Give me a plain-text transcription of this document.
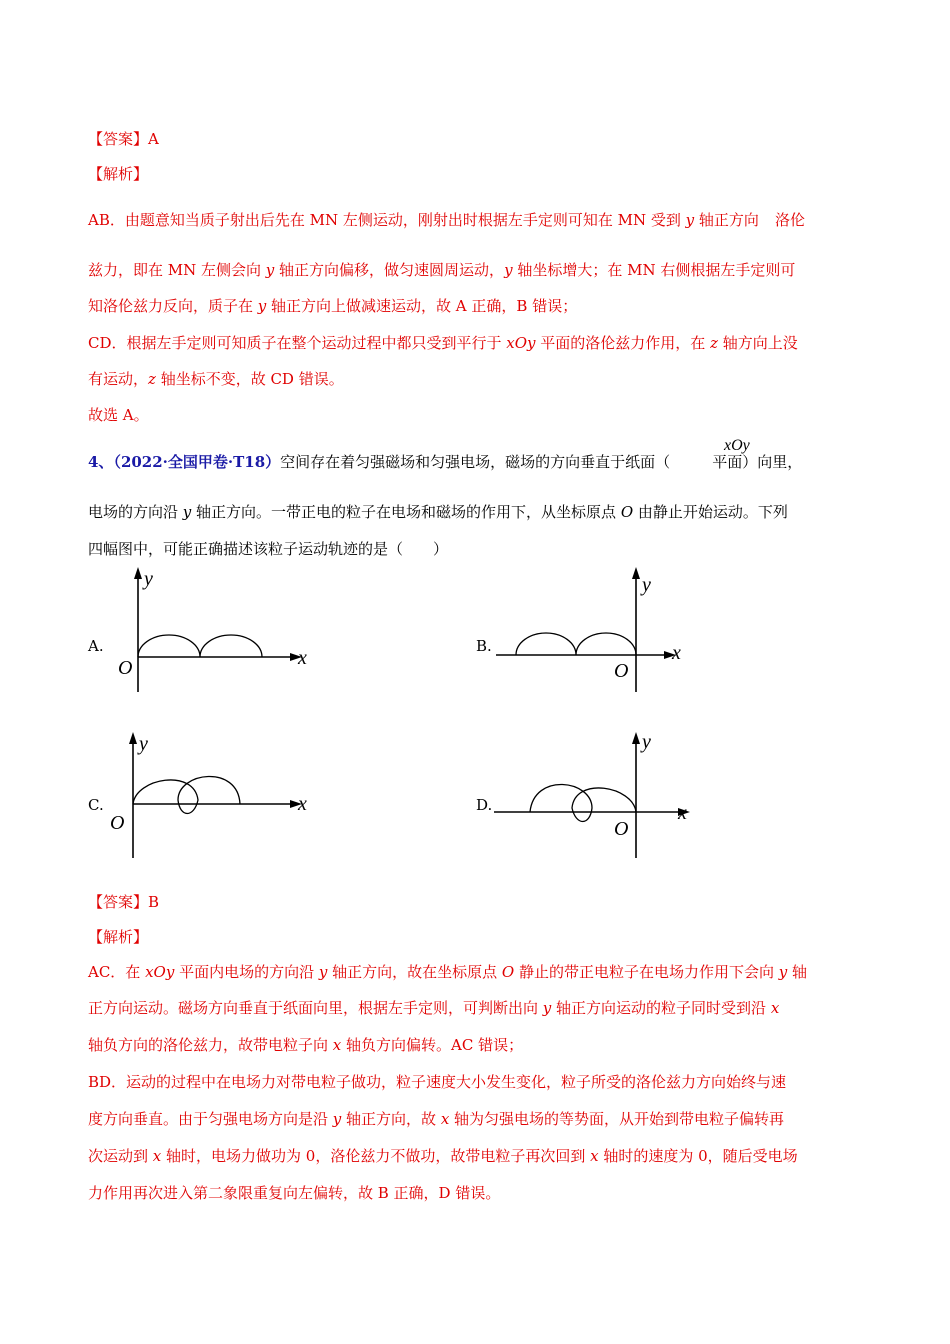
【答案】A
【解析】
AB．由题意知当质子射出后先在 MN 左侧运动，刚射出时根据左手定则可知在 MN 受到 y 轴正方向 洛伦
兹力，即在 MN 左侧会向 y 轴正方向偏移，做匀速圆周运动，y 轴坐标增大；在 MN 右侧根据左手定则可
知洛伦兹力反向，质子在 y 轴正方向上做减速运动，故 A 正确，B 错误；
CD．根据左手定则可知质子在整个运动过程中都只受到平行于 xOy 平面的洛伦兹力作用，在 z 轴方向上没
有运动，z 轴坐标不变，故 CD 错误。
故选 A。
xOy
4、（2022·全国甲卷·T18）空间存在着匀强磁场和匀强电场，磁场的方向垂直于纸面（	平面）向里，
电场的方向沿 y 轴正方向。一带正电的粒子在电场和磁场的作用下，从坐标原点 O 由静止开始运动。下列
四幅图中，可能正确描述该粒子运动轨迹的是（　　）
A.
y
x
O
B.
y
x
O
C.
y
x
O
D.
y
x
O
【答案】B
【解析】
AC．在 xOy 平面内电场的方向沿 y 轴正方向，故在坐标原点 O 静止的带正电粒子在电场力作用下会向 y 轴
正方向运动。磁场方向垂直于纸面向里，根据左手定则，可判断出向 y 轴正方向运动的粒子同时受到沿 x
轴负方向的洛伦兹力，故带电粒子向 x 轴负方向偏转。AC 错误；
BD．运动的过程中在电场力对带电粒子做功，粒子速度大小发生变化，粒子所受的洛伦兹力方向始终与速
度方向垂直。由于匀强电场方向是沿 y 轴正方向，故 x 轴为匀强电场的等势面，从开始到带电粒子偏转再
次运动到 x 轴时，电场力做功为 0，洛伦兹力不做功，故带电粒子再次回到 x 轴时的速度为 0，随后受电场
力作用再次进入第二象限重复向左偏转，故 B 正确，D 错误。
